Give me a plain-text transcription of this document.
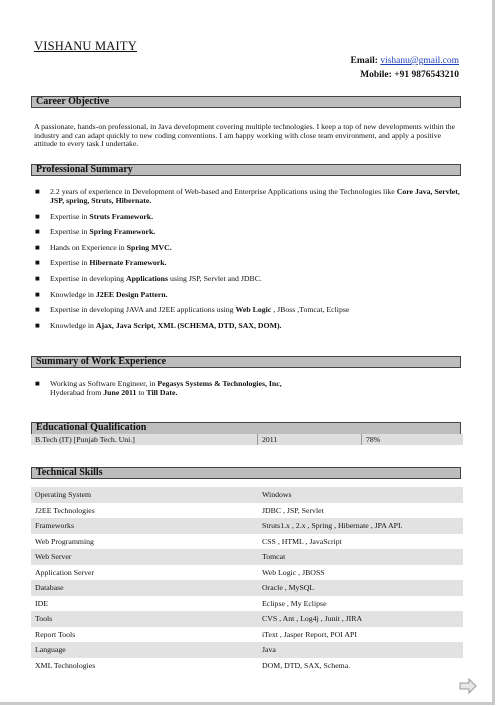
VISHANU MAITY
Email: vishanu@gmail.com
Mobile: +91 9876543210
Career Objective
A passionate, hands-on professional, in Java development covering multiple technologies. I keep a top of new developments within the industry and can adapt quickly to new coding conventions. I am happy working with close team environment, and apply a positive attitude to every task I undertake.
Professional Summary
■ 2.2 years of experience in Development of Web-based and Enterprise Applications using the Technologies like Core Java, Servlet, JSP, spring, Struts, Hibernate.
■ Expertise in Struts Framework.
■ Expertise in Spring Framework.
■ Hands on Experience in Spring MVC.
■ Expertise in Hibernate Framework.
■ Expertise in developing Applications using JSP, Servlet and JDBC.
■ Knowledge in J2EE Design Pattern.
■ Expertise in developing JAVA and J2EE applications using Web Logic , JBoss ,Tomcat, Eclipse
■ Knowledge in Ajax, Java Script, XML (SCHEMA, DTD, SAX, DOM).
Summary of Work Experience
■ Working as Software Engineer, in Pegasys Systems & Technologies, Inc,
Hyderabad from June 2011 to Till Date.
Educational Qualification
B.Tech (IT) [Punjab Tech. Uni.]	2011	78%
Technical Skills
Operating System	Windows
J2EE Technologies	JDBC , JSP, Servlet
Frameworks	Struts1.x , 2.x , Spring , Hibernate , JPA API.
Web Programming	CSS , HTML , JavaScript
Web Server	Tomcat
Application Server	Web Logic , JBOSS
Database	Oracle , MySQL
IDE	Eclipse , My Eclipse
Tools	CVS , Ant , Log4j , Junit , JIRA
Report Tools	iText , Jasper Report, POI API
Language	Java
XML Technologies	DOM, DTD, SAX, Schema.
